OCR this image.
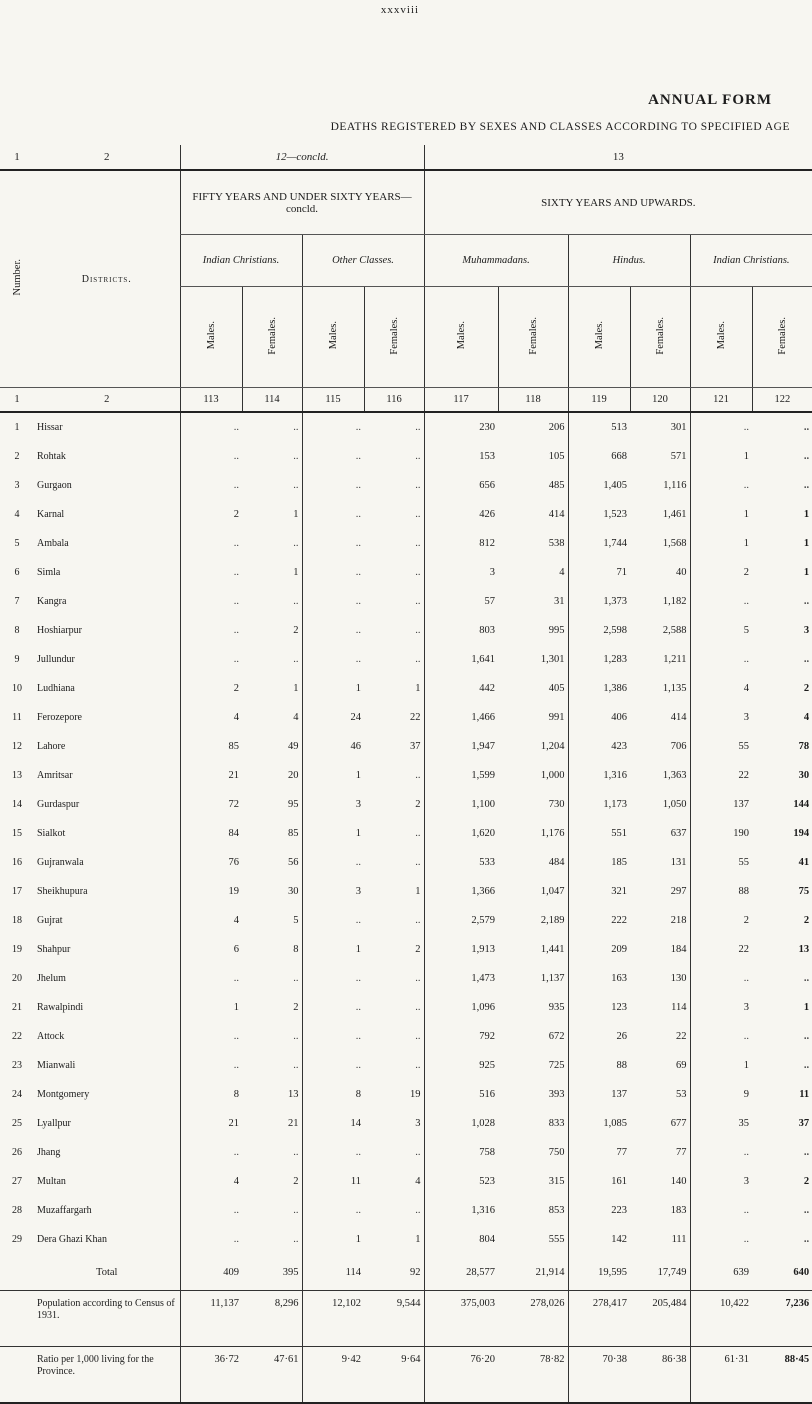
xxxviii
ANNUAL FORM
DEATHS REGISTERED BY SEXES AND CLASSES ACCORDING TO SPECIFIED AGE
1	2	12—concld.				13					
Number.	Districts.	FIFTY YEARS AND UNDER SIXTY YEARS—concld.				SIXTY YEARS AND UPWARDS.					
		Indian Christians.		Other Classes.		Muhammadans.		Hindus.		Indian Christians.	
		Males.	Females.	Males.	Females.	Males.	Females.	Males.	Females.	Males.	Females.
1	2	113	114	115	116	117	118	119	120	121	122
1	Hissar	..	..	..	..	230	206	513	301	..	..
2	Rohtak	..	..	..	..	153	105	668	571	1	..
3	Gurgaon	..	..	..	..	656	485	1,405	1,116	..	..
4	Karnal	2	1	..	..	426	414	1,523	1,461	1	1
5	Ambala	..	..	..	..	812	538	1,744	1,568	1	1
6	Simla	..	1	..	..	3	4	71	40	2	1
7	Kangra	..	..	..	..	57	31	1,373	1,182	..	..
8	Hoshiarpur	..	2	..	..	803	995	2,598	2,588	5	3
9	Jullundur	..	..	..	..	1,641	1,301	1,283	1,211	..	..
10	Ludhiana	2	1	1	1	442	405	1,386	1,135	4	2
11	Ferozepore	4	4	24	22	1,466	991	406	414	3	4
12	Lahore	85	49	46	37	1,947	1,204	423	706	55	78
13	Amritsar	21	20	1	..	1,599	1,000	1,316	1,363	22	30
14	Gurdaspur	72	95	3	2	1,100	730	1,173	1,050	137	144
15	Sialkot	84	85	1	..	1,620	1,176	551	637	190	194
16	Gujranwala	76	56	..	..	533	484	185	131	55	41
17	Sheikhupura	19	30	3	1	1,366	1,047	321	297	88	75
18	Gujrat	4	5	..	..	2,579	2,189	222	218	2	2
19	Shahpur	6	8	1	2	1,913	1,441	209	184	22	13
20	Jhelum	..	..	..	..	1,473	1,137	163	130	..	..
21	Rawalpindi	1	2	..	..	1,096	935	123	114	3	1
22	Attock	..	..	..	..	792	672	26	22	..	..
23	Mianwali	..	..	..	..	925	725	88	69	1	..
24	Montgomery	8	13	8	19	516	393	137	53	9	11
25	Lyallpur	21	21	14	3	1,028	833	1,085	677	35	37
26	Jhang	..	..	..	..	758	750	77	77	..	..
27	Multan	4	2	11	4	523	315	161	140	3	2
28	Muzaffargarh	..	..	..	..	1,316	853	223	183	..	..
29	Dera Ghazi Khan	..	..	1	1	804	555	142	111	..	..
	Total	409	395	114	92	28,577	21,914	19,595	17,749	639	640
	Population according to Census of 1931.	11,137	8,296	12,102	9,544	375,003	278,026	278,417	205,484	10,422	7,236
	Ratio per 1,000 living for the Province.	36·72	47·61	9·42	9·64	76·20	78·82	70·38	86·38	61·31	88·45
